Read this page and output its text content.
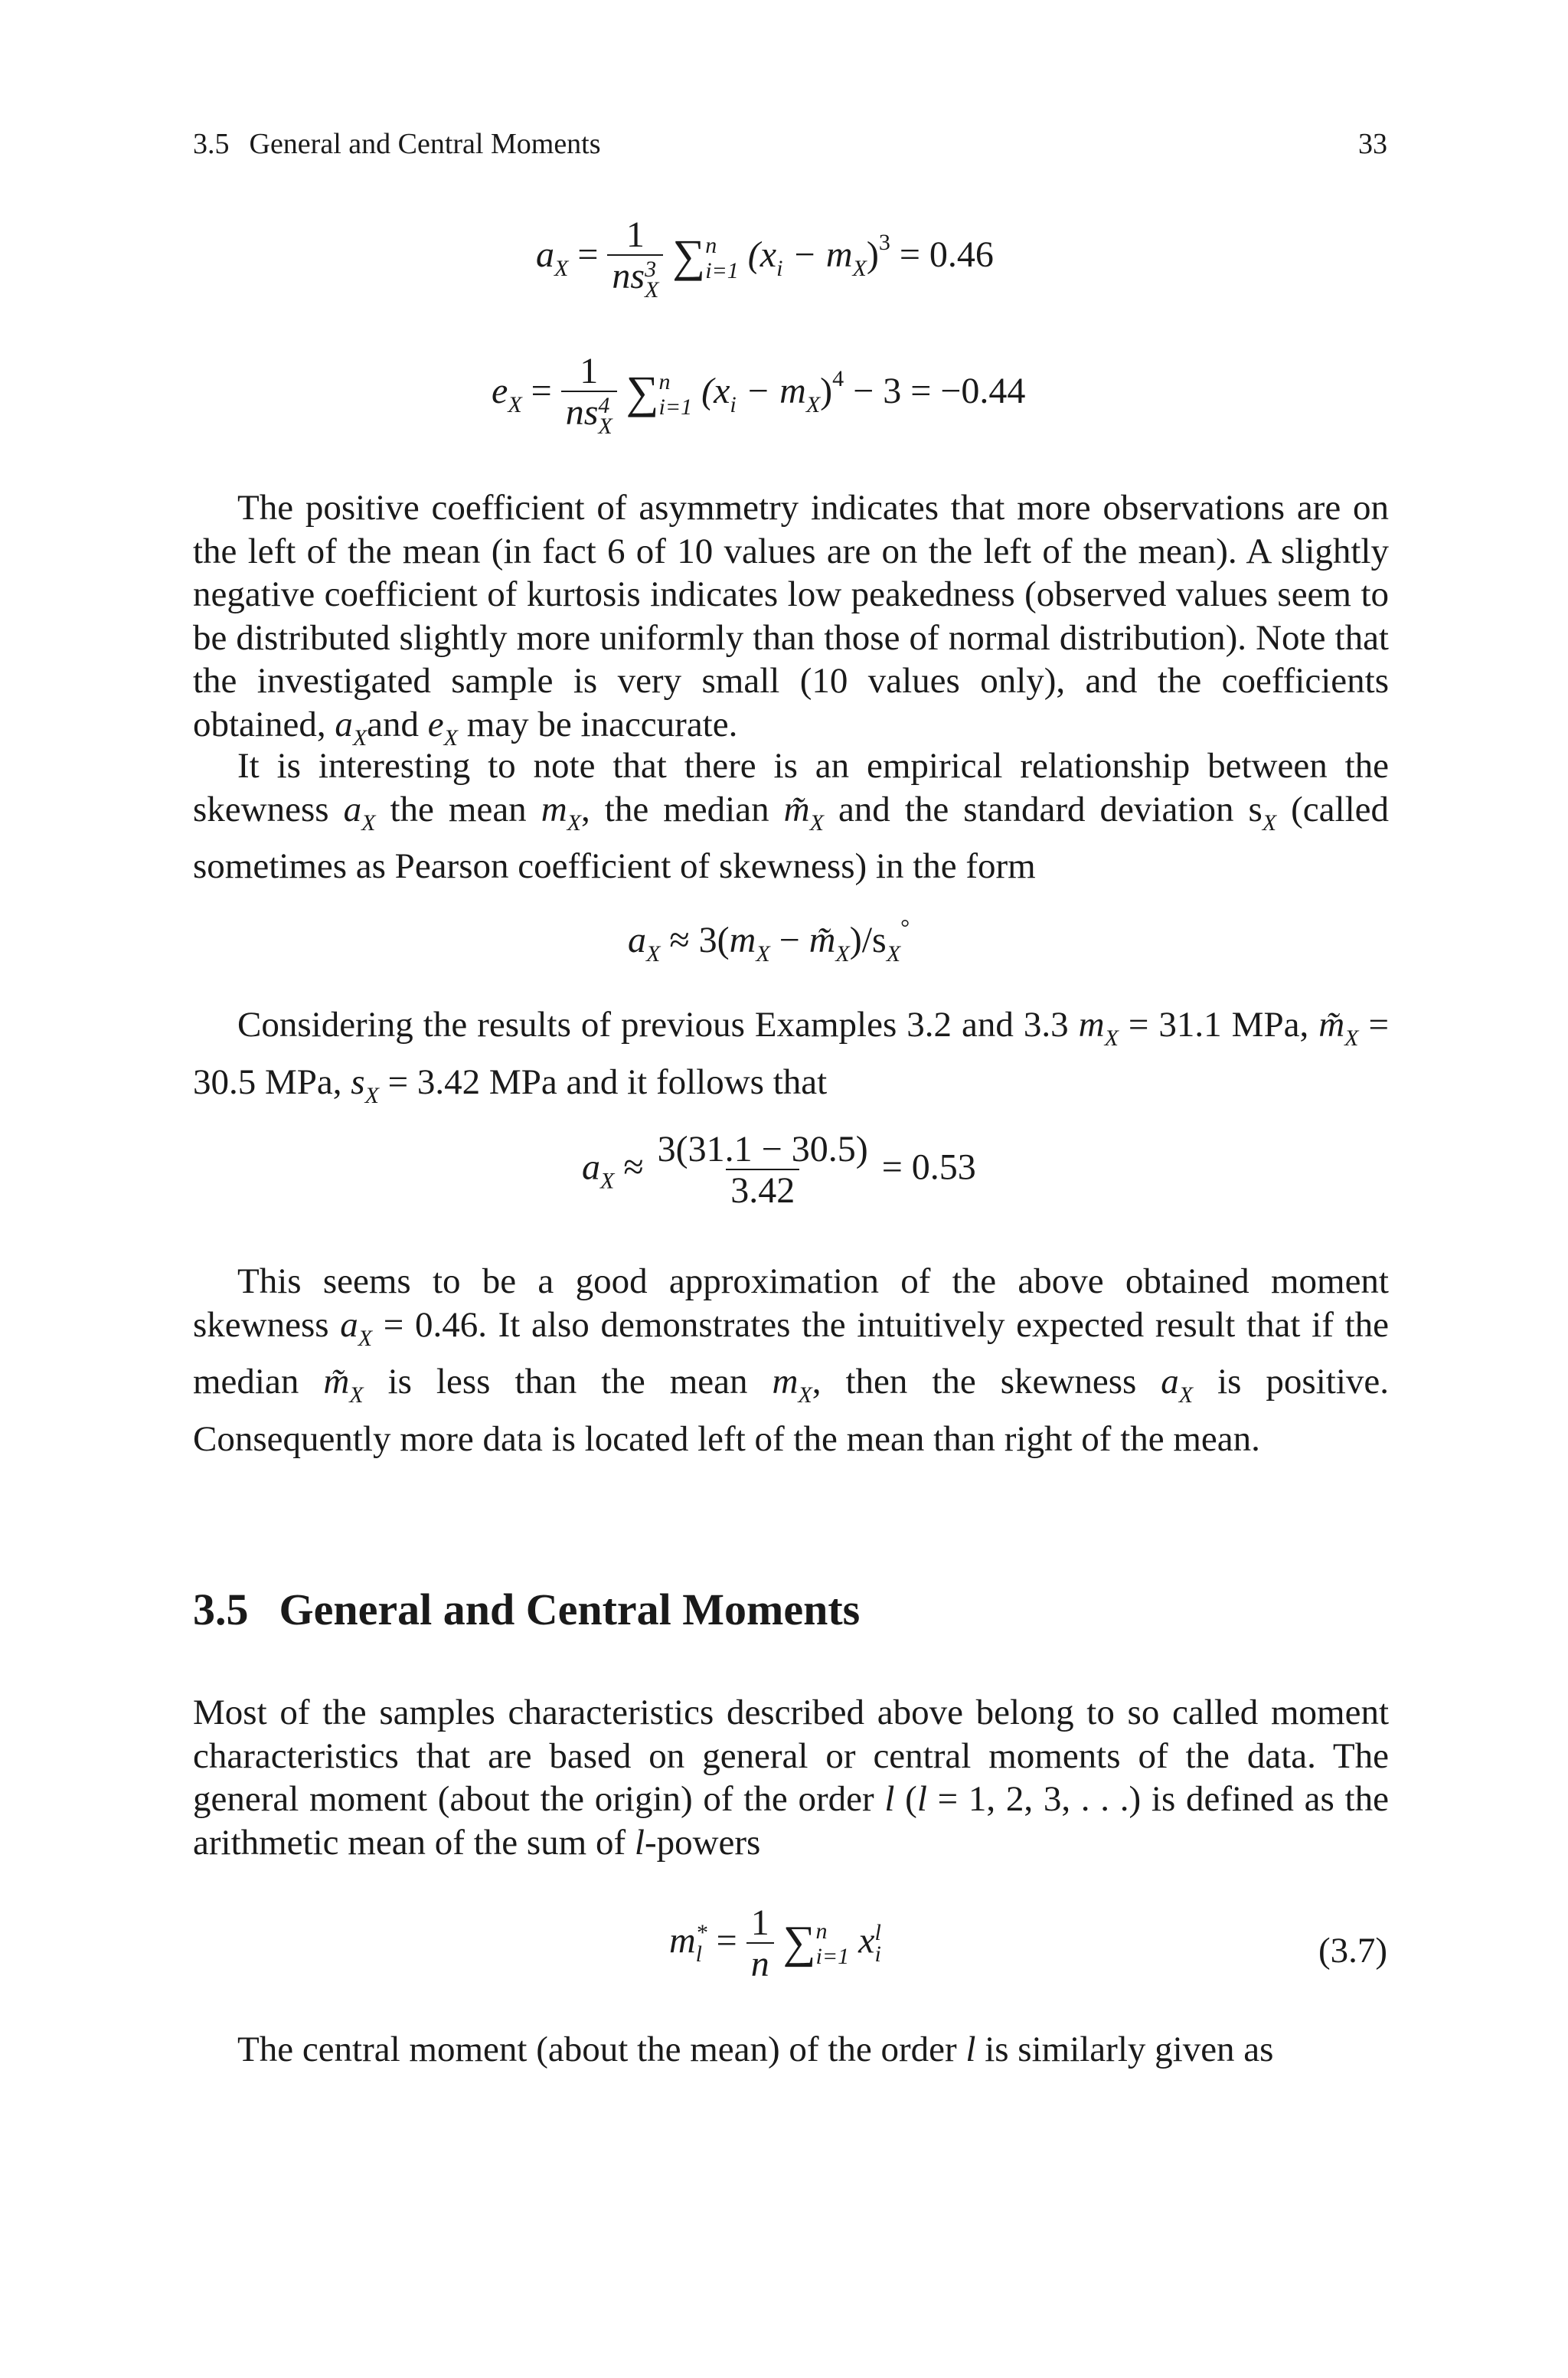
3.5 General and Central Moments	33
$a_X = 1$
ns 3
X ∑ n
i=1 $(x_i - m_X)^3 = 0.46$
$e_X = 1$
ns 4
X ∑ n
i=1 $(x_i - m_X)^4 - 3 = -0.44$
The positive coefficient of asymmetry indicates that more observations are on the left of the mean (in fact 6 of 10 values are on the left of the mean). A slightly negative coefficient of kurtosis indicates low peakedness (observed values seem to be distributed slightly more uniformly than those of normal distribution). Note that the investigated sample is very small (10 values only), and the coefficients obtained, $a_Xand$ $e_X$ may be inaccurate.
It is interesting to note that there is an empirical relationship between the skewness $a_X$ the mean $m_X$, the median $m̃_X$ and the standard deviation $s_X$ (called sometimes as Pearson coefficient of skewness) in the form
$a_X \approx 3(m_X$ − $m̃_X)/s_X^\circ$
Considering the results of previous Examples 3.2 and 3.3 $m_X = 31.1$ MPa, $m̃_X = 30.5$ MPa, $s_X = 3.42$ MPa and it follows that
$a_X \approx \frac{3(31.1 - 30.5)}{3.42} = 0.53$
This seems to be a good approximation of the above obtained moment skewness $a_X = 0.46$. It also demonstrates the intuitively expected result that if the median $m̃_X$ is less than the mean $m_X$, then the skewness $a_X$ is positive. Consequently more data is located left of the mean than right of the mean.
3.5 General and Central Moments
Most of the samples characteristics described above belong to so called moment characteristics that are based on general or central moments of the data. The general moment (about the origin) of the order l (l = 1, 2, 3, . . .) is defined as the arithmetic mean of the sum of l-powers
m *
$l = \frac{1}{n}$ ∑ n
i=1 x l
i	(3.7)
The central moment (about the mean) of the order l is similarly given as
